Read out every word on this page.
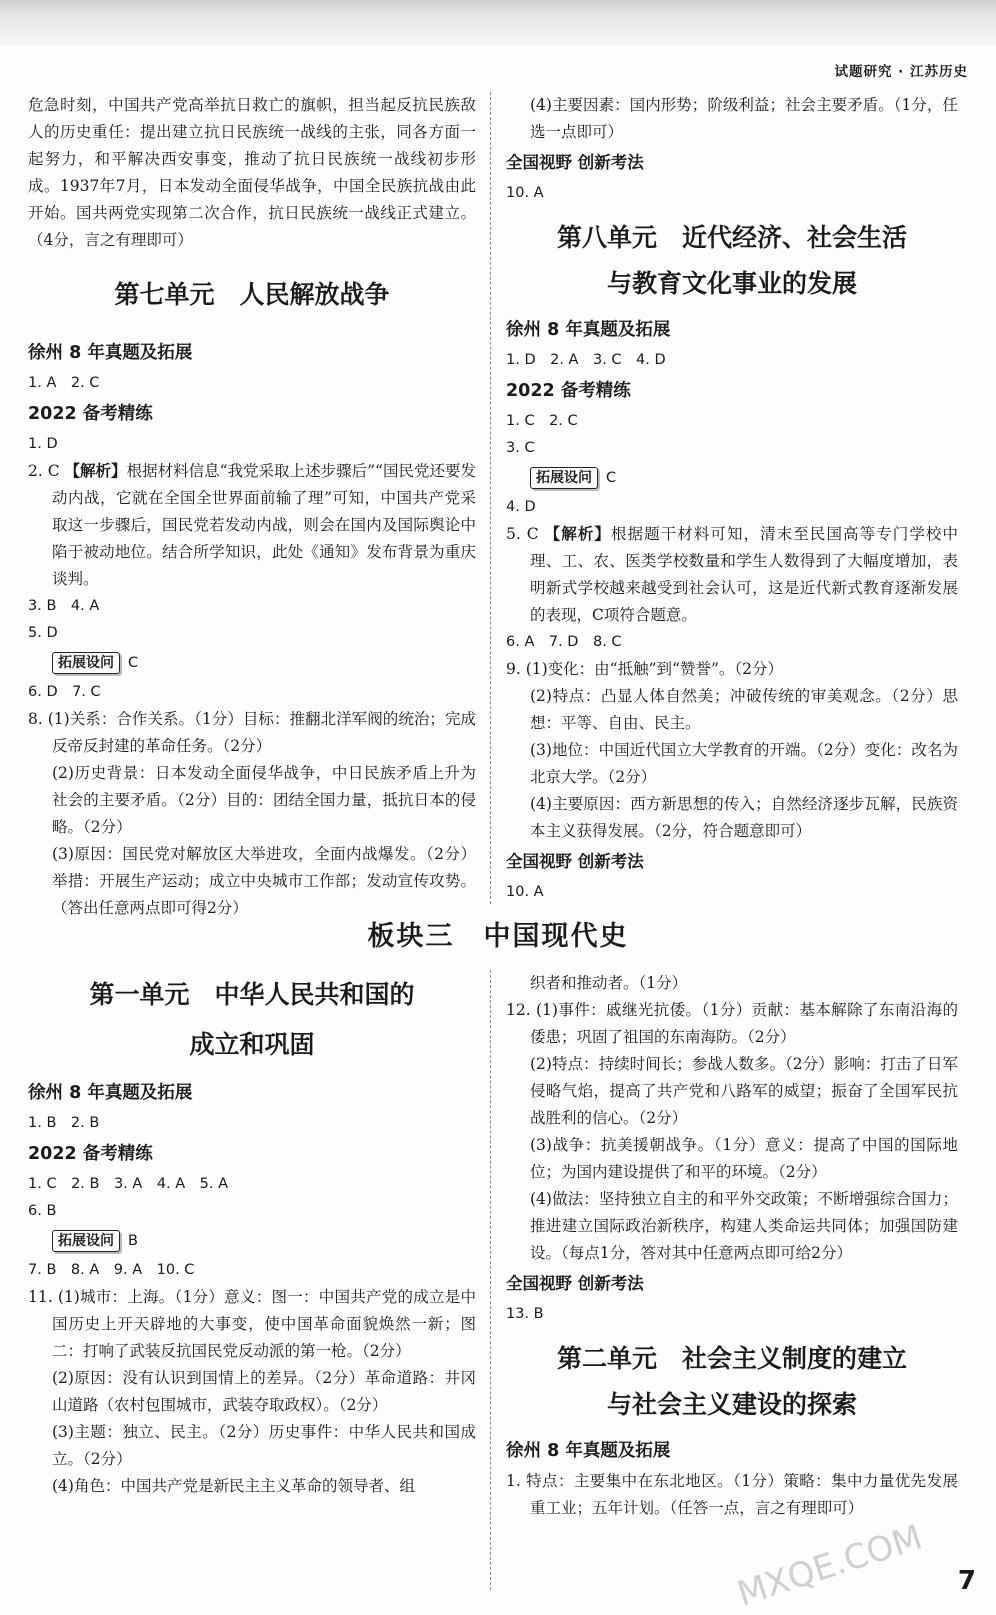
试题研究 · 江苏历史

危急时刻，中国共产党高举抗日救亡的旗帜，担当起反抗民族敌人的历史重任：提出建立抗日民族统一战线的主张，同各方面一起努力，和平解决西安事变，推动了抗日民族统一战线初步形成。1937年7月，日本发动全面侵华战争，中国全民族抗战由此开始。国共两党实现第二次合作，抗日民族统一战线正式建立。（4分，言之有理即可）

第七单元　人民解放战争
徐州 8 年真题及拓展

1. A　2. C

2022 备考精练

1. D

2. C 【解析】根据材料信息“我党采取上述步骤后”“国民党还要发动内战，它就在全国全世界面前输了理”可知，中国共产党采取这一步骤后，国民党若发动内战，则会在国内及国际舆论中陷于被动地位。结合所学知识，此处《通知》发布背景为重庆谈判。

3. B　4. A

5. D

拓展设问 C

6. D　7. C

8. (1)关系：合作关系。（1分）目标：推翻北洋军阀的统治；完成反帝反封建的革命任务。（2分）

(2)历史背景：日本发动全面侵华战争，中日民族矛盾上升为社会的主要矛盾。（2分）目的：团结全国力量，抵抗日本的侵略。（2分）

(3)原因：国民党对解放区大举进攻，全面内战爆发。（2分）举措：开展生产运动；成立中央城市工作部；发动宣传攻势。（答出任意两点即可得2分）

(4)主要因素：国内形势；阶级利益；社会主要矛盾。（1分，任选一点即可）

全国视野 创新考法

10. A

第八单元　近代经济、社会生活
与教育文化事业的发展
徐州 8 年真题及拓展

1. D　2. A　3. C　4. D

2022 备考精练

1. C　2. C

3. C

拓展设问 C

4. D

5. C 【解析】根据题干材料可知，清末至民国高等专门学校中理、工、农、医类学校数量和学生人数得到了大幅度增加，表明新式学校越来越受到社会认可，这是近代新式教育逐渐发展的表现，C项符合题意。

6. A　7. D　8. C

9. (1)变化：由“抵触”到“赞誉”。（2分）

(2)特点：凸显人体自然美；冲破传统的审美观念。（2分）思想：平等、自由、民主。

(3)地位：中国近代国立大学教育的开端。（2分）变化：改名为北京大学。（2分）

(4)主要原因：西方新思想的传入；自然经济逐步瓦解，民族资本主义获得发展。（2分，符合题意即可）

全国视野 创新考法

10. A

板块三　中国现代史
第一单元　中华人民共和国的
成立和巩固
徐州 8 年真题及拓展

1. B　2. B

2022 备考精练

1. C　2. B　3. A　4. A　5. A

6. B

拓展设问 B

7. B　8. A　9. A　10. C

11. (1)城市：上海。（1分）意义：图一：中国共产党的成立是中国历史上开天辟地的大事变，使中国革命面貌焕然一新；图二：打响了武装反抗国民党反动派的第一枪。（2分）

(2)原因：没有认识到国情上的差异。（2分）革命道路：井冈山道路（农村包围城市，武装夺取政权）。（2分）

(3)主题：独立、民主。（2分）历史事件：中华人民共和国成立。（2分）

(4)角色：中国共产党是新民主主义革命的领导者、组

织者和推动者。（1分）

12. (1)事件：戚继光抗倭。（1分）贡献：基本解除了东南沿海的倭患；巩固了祖国的东南海防。（2分）

(2)特点：持续时间长；参战人数多。（2分）影响：打击了日军侵略气焰，提高了共产党和八路军的威望；振奋了全国军民抗战胜利的信心。（2分）

(3)战争：抗美援朝战争。（1分）意义：提高了中国的国际地位；为国内建设提供了和平的环境。（2分）

(4)做法：坚持独立自主的和平外交政策；不断增强综合国力；推进建立国际政治新秩序，构建人类命运共同体；加强国防建设。（每点1分，答对其中任意两点即可给2分）

全国视野 创新考法

13. B

第二单元　社会主义制度的建立
与社会主义建设的探索
徐州 8 年真题及拓展

1. 特点：主要集中在东北地区。（1分）策略：集中力量优先发展重工业；五年计划。（任答一点，言之有理即可）

MXQE.COM 7
